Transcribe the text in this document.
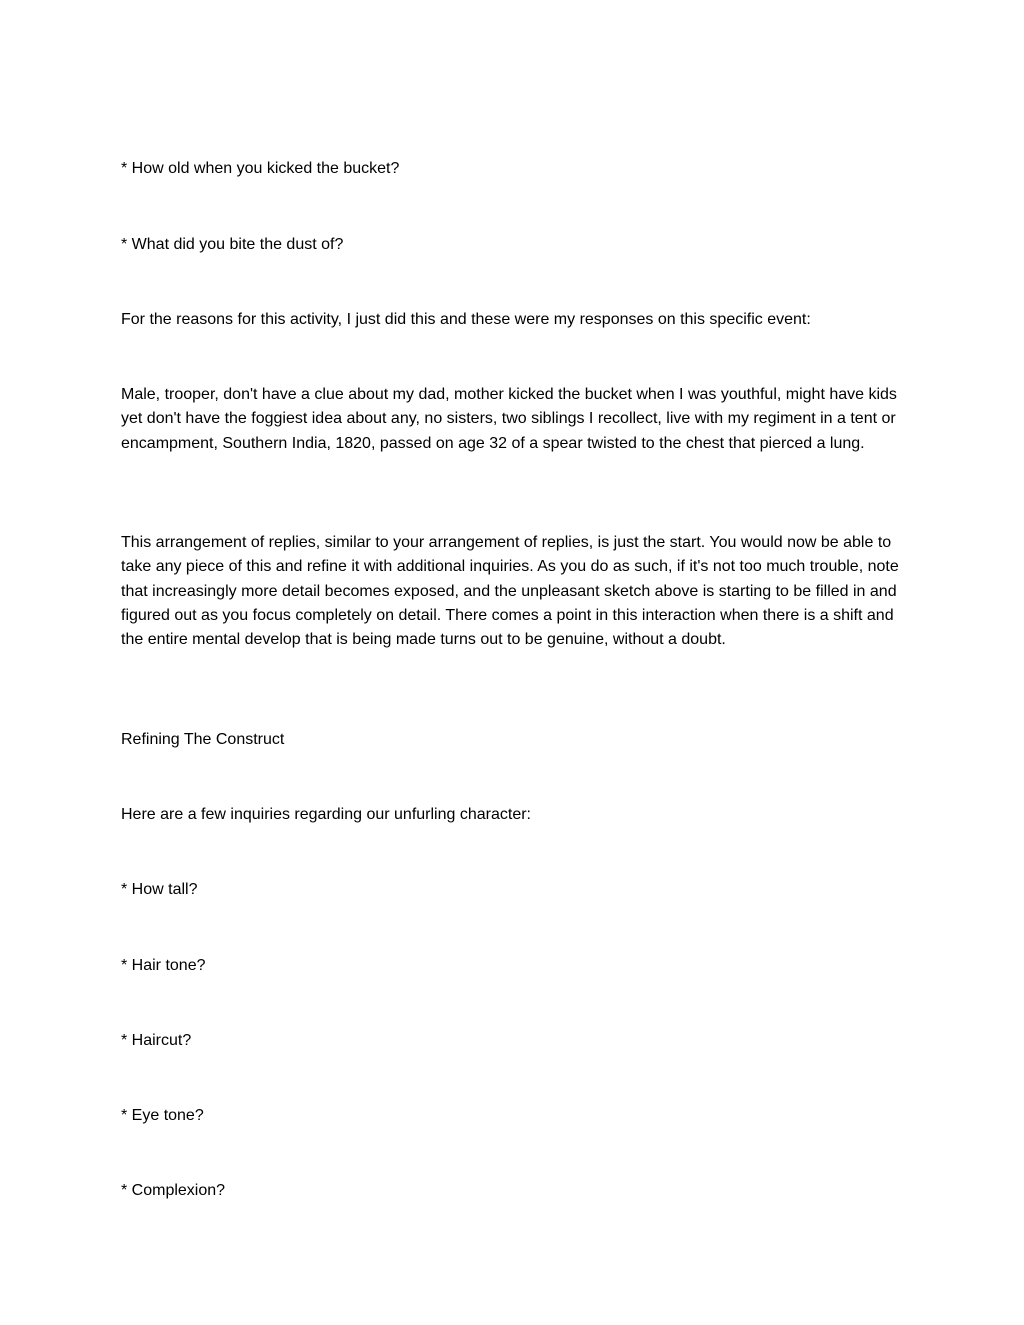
* How old when you kicked the bucket?

* What did you bite the dust of?

For the reasons for this activity, I just did this and these were my responses on this specific event:

Male, trooper, don't have a clue about my dad, mother kicked the bucket when I was youthful, might have kids yet don't have the foggiest idea about any, no sisters, two siblings I recollect, live with my regiment in a tent or encampment, Southern India, 1820, passed on age 32 of a spear twisted to the chest that pierced a lung.

This arrangement of replies, similar to your arrangement of replies, is just the start. You would now be able to take any piece of this and refine it with additional inquiries. As you do as such, if it's not too much trouble, note that increasingly more detail becomes exposed, and the unpleasant sketch above is starting to be filled in and figured out as you focus completely on detail. There comes a point in this interaction when there is a shift and the entire mental develop that is being made turns out to be genuine, without a doubt.

Refining The Construct

Here are a few inquiries regarding our unfurling character:

* How tall?

* Hair tone?

* Haircut?

* Eye tone?

* Complexion?
